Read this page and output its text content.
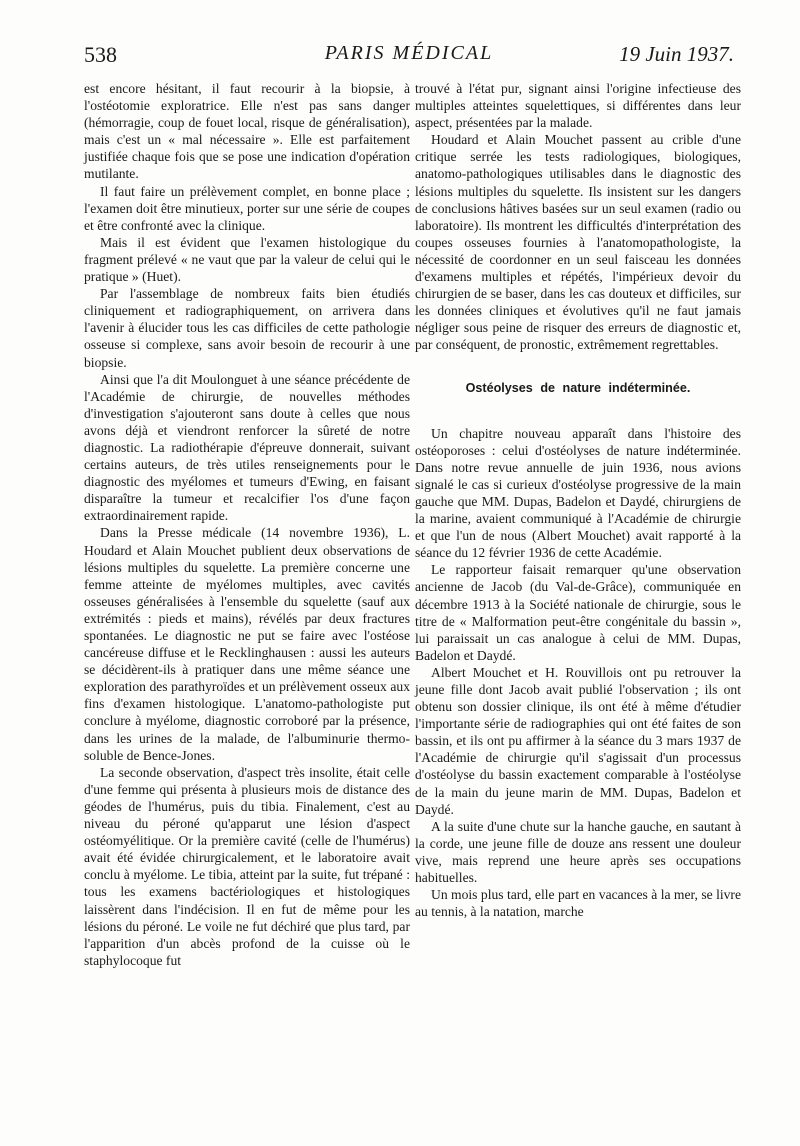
538	PARIS MÉDICAL	19 Juin 1937.

est encore hésitant, il faut recourir à la biopsie, à l'ostéotomie exploratrice. Elle n'est pas sans danger (hémorragie, coup de fouet local, risque de généralisation), mais c'est un « mal nécessaire ». Elle est parfaitement justifiée chaque fois que se pose une indication d'opération mutilante.

Il faut faire un prélèvement complet, en bonne place ; l'examen doit être minutieux, porter sur une série de coupes et être confronté avec la clinique.

Mais il est évident que l'examen histologique du fragment prélevé « ne vaut que par la valeur de celui qui le pratique » (Huet).

Par l'assemblage de nombreux faits bien étudiés cliniquement et radiographiquement, on arrivera dans l'avenir à élucider tous les cas difficiles de cette pathologie osseuse si complexe, sans avoir besoin de recourir à une biopsie.

Ainsi que l'a dit Moulonguet à une séance précédente de l'Académie de chirurgie, de nouvelles méthodes d'investigation s'ajouteront sans doute à celles que nous avons déjà et viendront renforcer la sûreté de notre diagnostic. La radiothérapie d'épreuve donnerait, suivant certains auteurs, de très utiles renseignements pour le diagnostic des myélomes et tumeurs d'Ewing, en faisant disparaître la tumeur et recalcifier l'os d'une façon extraordinairement rapide.

Dans la Presse médicale (14 novembre 1936), L. Houdard et Alain Mouchet publient deux observations de lésions multiples du squelette. La première concerne une femme atteinte de myélomes multiples, avec cavités osseuses généralisées à l'ensemble du squelette (sauf aux extrémités : pieds et mains), révélés par deux fractures spontanées. Le diagnostic ne put se faire avec l'ostéose cancéreuse diffuse et le Recklinghausen : aussi les auteurs se décidèrent-ils à pratiquer dans une même séance une exploration des parathyroïdes et un prélèvement osseux aux fins d'examen histologique. L'anatomo-pathologiste put conclure à myélome, diagnostic corroboré par la présence, dans les urines de la malade, de l'albuminurie thermo-soluble de Bence-Jones.

La seconde observation, d'aspect très insolite, était celle d'une femme qui présenta à plusieurs mois de distance des géodes de l'humérus, puis du tibia. Finalement, c'est au niveau du péroné qu'apparut une lésion d'aspect ostéomyélitique. Or la première cavité (celle de l'humérus) avait été évidée chirurgicalement, et le laboratoire avait conclu à myélome. Le tibia, atteint par la suite, fut trépané : tous les examens bactériologiques et histologiques laissèrent dans l'indécision. Il en fut de même pour les lésions du péroné. Le voile ne fut déchiré que plus tard, par l'apparition d'un abcès profond de la cuisse où le staphylocoque fut

trouvé à l'état pur, signant ainsi l'origine infectieuse des multiples atteintes squelettiques, si différentes dans leur aspect, présentées par la malade.

Houdard et Alain Mouchet passent au crible d'une critique serrée les tests radiologiques, biologiques, anatomo-pathologiques utilisables dans le diagnostic des lésions multiples du squelette. Ils insistent sur les dangers de conclusions hâtives basées sur un seul examen (radio ou laboratoire). Ils montrent les difficultés d'interprétation des coupes osseuses fournies à l'anatomopathologiste, la nécessité de coordonner en un seul faisceau les données d'examens multiples et répétés, l'impérieux devoir du chirurgien de se baser, dans les cas douteux et difficiles, sur les données cliniques et évolutives qu'il ne faut jamais négliger sous peine de risquer des erreurs de diagnostic et, par conséquent, de pronostic, extrêmement regrettables.

Ostéolyses de nature indéterminée.

Un chapitre nouveau apparaît dans l'histoire des ostéoporoses : celui d'ostéolyses de nature indéterminée. Dans notre revue annuelle de juin 1936, nous avions signalé le cas si curieux d'ostéolyse progressive de la main gauche que MM. Dupas, Badelon et Daydé, chirurgiens de la marine, avaient communiqué à l'Académie de chirurgie et que l'un de nous (Albert Mouchet) avait rapporté à la séance du 12 février 1936 de cette Académie.

Le rapporteur faisait remarquer qu'une observation ancienne de Jacob (du Val-de-Grâce), communiquée en décembre 1913 à la Société nationale de chirurgie, sous le titre de « Malformation peut-être congénitale du bassin », lui paraissait un cas analogue à celui de MM. Dupas, Badelon et Daydé.

Albert Mouchet et H. Rouvillois ont pu retrouver la jeune fille dont Jacob avait publié l'observation ; ils ont obtenu son dossier clinique, ils ont été à même d'étudier l'importante série de radiographies qui ont été faites de son bassin, et ils ont pu affirmer à la séance du 3 mars 1937 de l'Académie de chirurgie qu'il s'agissait d'un processus d'ostéolyse du bassin exactement comparable à l'ostéolyse de la main du jeune marin de MM. Dupas, Badelon et Daydé.

A la suite d'une chute sur la hanche gauche, en sautant à la corde, une jeune fille de douze ans ressent une douleur vive, mais reprend une heure après ses occupations habituelles.

Un mois plus tard, elle part en vacances à la mer, se livre au tennis, à la natation, marche
